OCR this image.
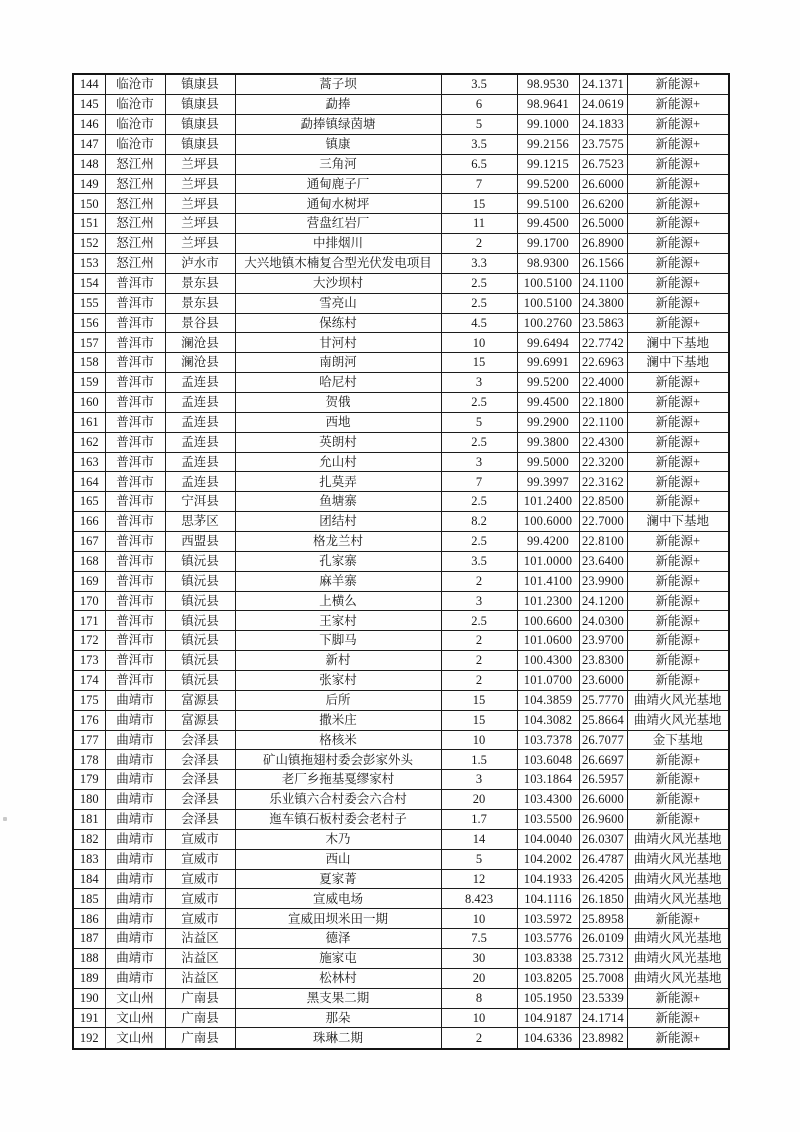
144	临沧市	镇康县	蒿子坝	3.5	98.9530	24.1371	新能源+
145	临沧市	镇康县	勐捧	6	98.9641	24.0619	新能源+
146	临沧市	镇康县	勐捧镇绿茵塘	5	99.1000	24.1833	新能源+
147	临沧市	镇康县	镇康	3.5	99.2156	23.7575	新能源+
148	怒江州	兰坪县	三角河	6.5	99.1215	26.7523	新能源+
149	怒江州	兰坪县	通甸鹿子厂	7	99.5200	26.6000	新能源+
150	怒江州	兰坪县	通甸水树坪	15	99.5100	26.6200	新能源+
151	怒江州	兰坪县	营盘红岩厂	11	99.4500	26.5000	新能源+
152	怒江州	兰坪县	中排烟川	2	99.1700	26.8900	新能源+
153	怒江州	泸水市	大兴地镇木楠复合型光伏发电项目	3.3	98.9300	26.1566	新能源+
154	普洱市	景东县	大沙坝村	2.5	100.5100	24.1100	新能源+
155	普洱市	景东县	雪亮山	2.5	100.5100	24.3800	新能源+
156	普洱市	景谷县	保练村	4.5	100.2760	23.5863	新能源+
157	普洱市	澜沧县	甘河村	10	99.6494	22.7742	澜中下基地
158	普洱市	澜沧县	南朗河	15	99.6991	22.6963	澜中下基地
159	普洱市	孟连县	哈尼村	3	99.5200	22.4000	新能源+
160	普洱市	孟连县	贺俄	2.5	99.4500	22.1800	新能源+
161	普洱市	孟连县	西地	5	99.2900	22.1100	新能源+
162	普洱市	孟连县	英朗村	2.5	99.3800	22.4300	新能源+
163	普洱市	孟连县	允山村	3	99.5000	22.3200	新能源+
164	普洱市	孟连县	扎莫弄	7	99.3997	22.3162	新能源+
165	普洱市	宁洱县	鱼塘寨	2.5	101.2400	22.8500	新能源+
166	普洱市	思茅区	团结村	8.2	100.6000	22.7000	澜中下基地
167	普洱市	西盟县	格龙兰村	2.5	99.4200	22.8100	新能源+
168	普洱市	镇沅县	孔家寨	3.5	101.0000	23.6400	新能源+
169	普洱市	镇沅县	麻羊寨	2	101.4100	23.9900	新能源+
170	普洱市	镇沅县	上横么	3	101.2300	24.1200	新能源+
171	普洱市	镇沅县	王家村	2.5	100.6600	24.0300	新能源+
172	普洱市	镇沅县	下脚马	2	101.0600	23.9700	新能源+
173	普洱市	镇沅县	新村	2	100.4300	23.8300	新能源+
174	普洱市	镇沅县	张家村	2	101.0700	23.6000	新能源+
175	曲靖市	富源县	后所	15	104.3859	25.7770	曲靖火风光基地
176	曲靖市	富源县	撒米庄	15	104.3082	25.8664	曲靖火风光基地
177	曲靖市	会泽县	格核米	10	103.7378	26.7077	金下基地
178	曲靖市	会泽县	矿山镇拖翅村委会彭家外头	1.5	103.6048	26.6697	新能源+
179	曲靖市	会泽县	老厂乡拖基戛缪家村	3	103.1864	26.5957	新能源+
180	曲靖市	会泽县	乐业镇六合村委会六合村	20	103.4300	26.6000	新能源+
181	曲靖市	会泽县	迤车镇石板村委会老村子	1.7	103.5500	26.9600	新能源+
182	曲靖市	宣威市	木乃	14	104.0040	26.0307	曲靖火风光基地
183	曲靖市	宣威市	西山	5	104.2002	26.4787	曲靖火风光基地
184	曲靖市	宣威市	夏家菁	12	104.1933	26.4205	曲靖火风光基地
185	曲靖市	宣威市	宣威电场	8.423	104.1116	26.1850	曲靖火风光基地
186	曲靖市	宣威市	宣威田坝米田一期	10	103.5972	25.8958	新能源+
187	曲靖市	沾益区	德泽	7.5	103.5776	26.0109	曲靖火风光基地
188	曲靖市	沾益区	施家屯	30	103.8338	25.7312	曲靖火风光基地
189	曲靖市	沾益区	松林村	20	103.8205	25.7008	曲靖火风光基地
190	文山州	广南县	黑支果二期	8	105.1950	23.5339	新能源+
191	文山州	广南县	那朵	10	104.9187	24.1714	新能源+
192	文山州	广南县	珠琳二期	2	104.6336	23.8982	新能源+
